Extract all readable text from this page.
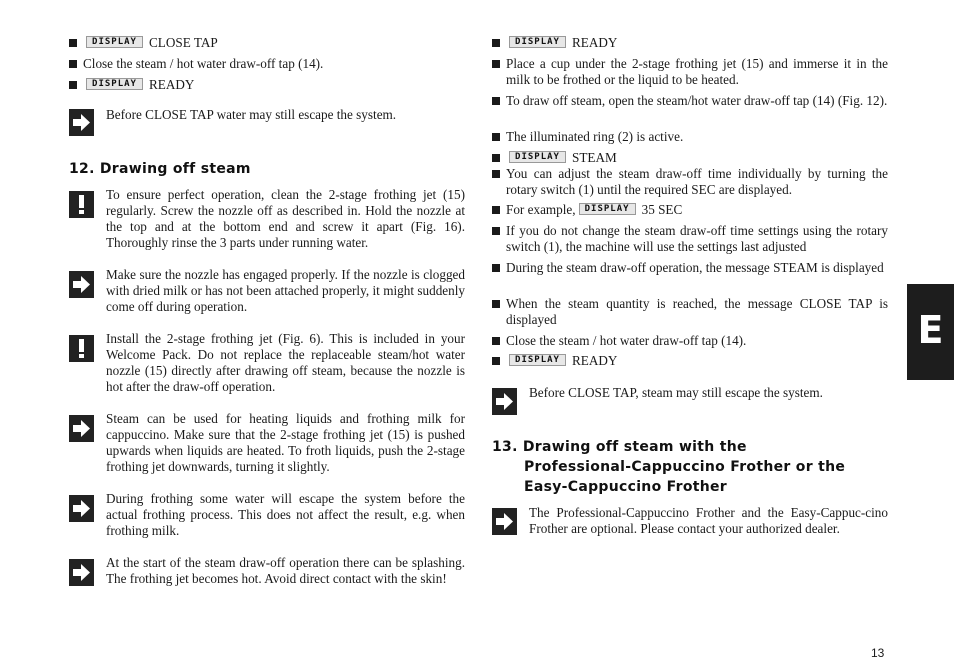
DISPLAY CLOSE TAP
Close the steam / hot water draw-off tap (14).
DISPLAY READY
Before CLOSE TAP water may still escape the system.
12. Drawing off steam
To ensure perfect operation, clean the 2-stage frothing jet (15) regularly. Screw the nozzle off as described in. Hold the nozzle at the top and at the bottom end and screw it apart (Fig. 16). Thoroughly rinse the 3 parts under running water.
Make sure the nozzle has engaged properly. If the nozzle is clogged with dried milk or has not been attached properly, it might suddenly come off during operation.
Install the 2-stage frothing jet (Fig. 6). This is included in your Welcome Pack. Do not replace the replaceable steam/hot water nozzle (15) directly after drawing off steam, because the nozzle is hot after the draw-off operation.
Steam can be used for heating liquids and frothing milk for cappuccino. Make sure that the 2-stage frothing jet (15) is pushed upwards when liquids are heated. To froth liquids, push the 2-stage frothing jet downwards, turning it slightly.
During frothing some water will escape the system before the actual frothing process. This does not affect the result, e.g. when frothing milk.
At the start of the steam draw-off operation there can be splashing. The frothing jet becomes hot. Avoid direct contact with the skin!
DISPLAY READY
Place a cup under the 2-stage frothing jet (15) and immerse it in the milk to be frothed or the liquid to be heated.
To draw off steam, open the steam/hot water draw-off tap (14) (Fig. 12).
The illuminated ring (2) is active.
DISPLAY STEAM
You can adjust the steam draw-off time individually by turning the rotary switch (1) until the required SEC are displayed.
For example,	DISPLAY 35 SEC
If you do not change the steam draw-off time settings using the rotary switch (1), the machine will use the settings last adjusted
During the steam draw-off operation, the message STEAM is displayed
When the steam quantity is reached, the message CLOSE TAP is displayed
Close the steam / hot water draw-off tap (14).
DISPLAY READY
Before CLOSE TAP, steam may still escape the system.
13. Drawing off steam with the
Professional-Cappuccino Frother or the
Easy-Cappuccino Frother
The Professional-Cappuccino Frother and the Easy-Cappuc-cino Frother are optional. Please contact your authorized dealer.
E
13
